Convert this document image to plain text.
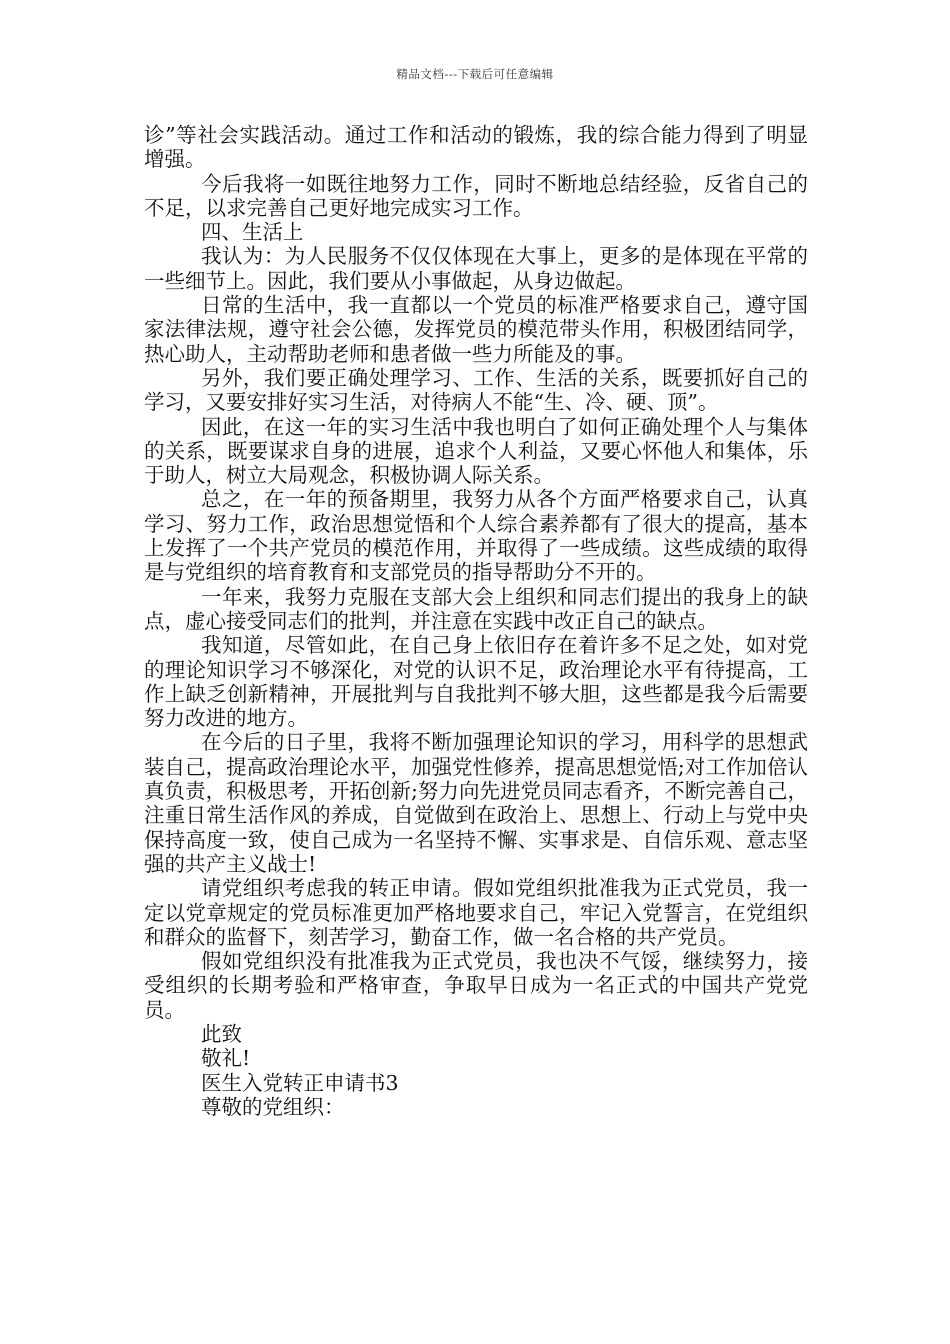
精品文档---下载后可任意编辑

诊”等社会实践活动。通过工作和活动的锻炼，我的综合能力得到了明显增强。

今后我将一如既往地努力工作，同时不断地总结经验，反省自己的不足，以求完善自己更好地完成实习工作。

四、生活上

我认为：为人民服务不仅仅体现在大事上，更多的是体现在平常的一些细节上。因此，我们要从小事做起，从身边做起。

日常的生活中，我一直都以一个党员的标准严格要求自己，遵守国家法律法规，遵守社会公德，发挥党员的模范带头作用，积极团结同学，热心助人，主动帮助老师和患者做一些力所能及的事。

另外，我们要正确处理学习、工作、生活的关系，既要抓好自己的学习，又要安排好实习生活，对待病人不能“生、冷、硬、顶”。

因此，在这一年的实习生活中我也明白了如何正确处理个人与集体的关系，既要谋求自身的进展，追求个人利益，又要心怀他人和集体，乐于助人，树立大局观念，积极协调人际关系。

总之，在一年的预备期里，我努力从各个方面严格要求自己，认真学习、努力工作，政治思想觉悟和个人综合素养都有了很大的提高，基本上发挥了一个共产党员的模范作用，并取得了一些成绩。这些成绩的取得是与党组织的培育教育和支部党员的指导帮助分不开的。

一年来，我努力克服在支部大会上组织和同志们提出的我身上的缺点，虚心接受同志们的批判，并注意在实践中改正自己的缺点。

我知道，尽管如此，在自己身上依旧存在着许多不足之处，如对党的理论知识学习不够深化，对党的认识不足，政治理论水平有待提高，工作上缺乏创新精神，开展批判与自我批判不够大胆，这些都是我今后需要努力改进的地方。

在今后的日子里，我将不断加强理论知识的学习，用科学的思想武装自己，提高政治理论水平，加强党性修养，提高思想觉悟;对工作加倍认真负责，积极思考，开拓创新;努力向先进党员同志看齐，不断完善自己，注重日常生活作风的养成，自觉做到在政治上、思想上、行动上与党中央保持高度一致，使自己成为一名坚持不懈、实事求是、自信乐观、意志坚强的共产主义战士!

请党组织考虑我的转正申请。假如党组织批准我为正式党员，我一定以党章规定的党员标准更加严格地要求自己，牢记入党誓言，在党组织和群众的监督下，刻苦学习，勤奋工作，做一名合格的共产党员。

假如党组织没有批准我为正式党员，我也决不气馁，继续努力，接受组织的长期考验和严格审查，争取早日成为一名正式的中国共产党党员。

此致

敬礼!

医生入党转正申请书3

尊敬的党组织：
